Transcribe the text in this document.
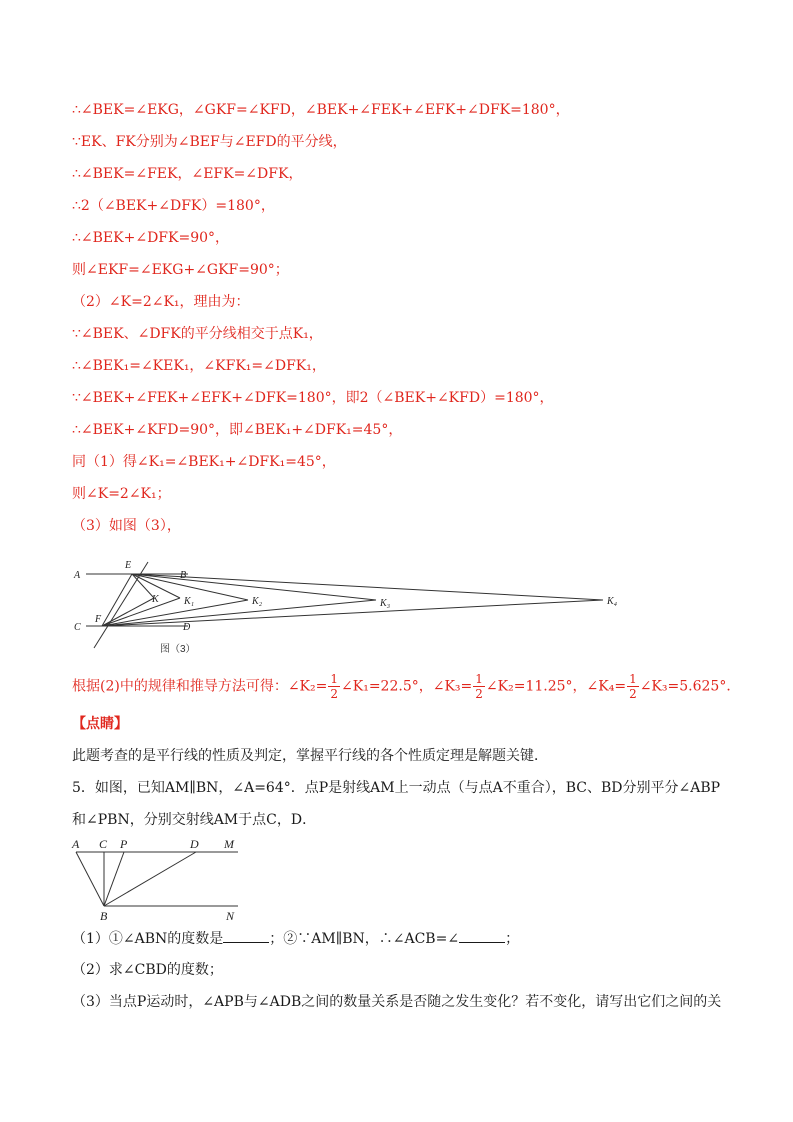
∴∠BEK=∠EKG，∠GKF=∠KFD，∠BEK+∠FEK+∠EFK+∠DFK=180°，
∵EK、FK分别为∠BEF与∠EFD的平分线，
∴∠BEK=∠FEK，∠EFK=∠DFK，
∴2（∠BEK+∠DFK）=180°，
∴∠BEK+∠DFK=90°，
则∠EKF=∠EKG+∠GKF=90°；
（2）∠K=2∠K₁，理由为：
∵∠BEK、∠DFK的平分线相交于点K₁，
∴∠BEK₁=∠KEK₁，∠KFK₁=∠DFK₁，
∵∠BEK+∠FEK+∠EFK+∠DFK=180°，即2（∠BEK+∠KFD）=180°，
∴∠BEK+∠KFD=90°，即∠BEK₁+∠DFK₁=45°，
同（1）得∠K₁=∠BEK₁+∠DFK₁=45°，
则∠K=2∠K₁；
（3）如图（3），
A
E
B
C
F
D
K	K₁	K₂	K₃	K₄
图（3）
根据(2)中的规律和推导方法可得：∠K₂= $\frac{1}{2}$ ∠K₁=22.5°，∠K₃= $\frac{1}{2}$ ∠K₂=11.25°，∠K₄= $\frac{1}{2}$ ∠K₃=5.625°．
【点睛】
此题考查的是平行线的性质及判定，掌握平行线的各个性质定理是解题关键．
5．如图，已知AM∥BN，∠A=64°．点P是射线AM上一动点（与点A不重合），BC、BD分别平分∠ABP
和∠PBN，分别交射线AM于点C，D．
A C P	D M
B	N
（1）①∠ABN的度数是	；②∵AM∥BN，∴∠ACB=∠	；
（2）求∠CBD的度数；
（3）当点P运动时，∠APB与∠ADB之间的数量关系是否随之发生变化？若不变化，请写出它们之间的关
